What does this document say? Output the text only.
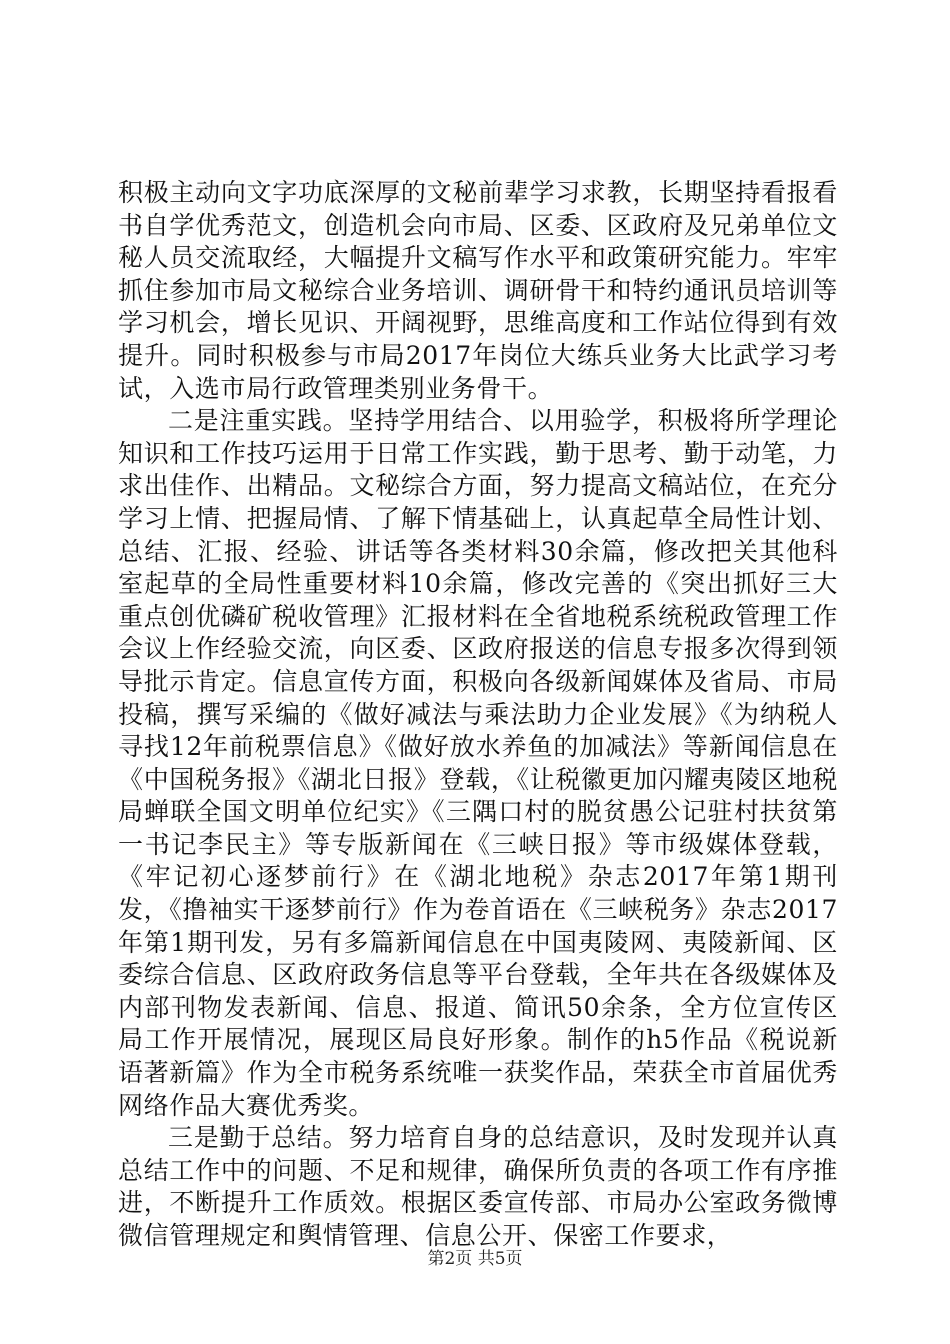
积极主动向文字功底深厚的文秘前辈学习求教，长期坚持看报看书自学优秀范文，创造机会向市局、区委、区政府及兄弟单位文秘人员交流取经，大幅提升文稿写作水平和政策研究能力。牢牢抓住参加市局文秘综合业务培训、调研骨干和特约通讯员培训等学习机会，增长见识、开阔视野，思维高度和工作站位得到有效提升。同时积极参与市局2017年岗位大练兵业务大比武学习考试，入选市局行政管理类别业务骨干。

二是注重实践。坚持学用结合、以用验学，积极将所学理论知识和工作技巧运用于日常工作实践，勤于思考、勤于动笔，力求出佳作、出精品。文秘综合方面，努力提高文稿站位，在充分学习上情、把握局情、了解下情基础上，认真起草全局性计划、总结、汇报、经验、讲话等各类材料30余篇，修改把关其他科室起草的全局性重要材料10余篇，修改完善的《突出抓好三大重点创优磷矿税收管理》汇报材料在全省地税系统税政管理工作会议上作经验交流，向区委、区政府报送的信息专报多次得到领导批示肯定。信息宣传方面，积极向各级新闻媒体及省局、市局投稿，撰写采编的《做好减法与乘法助力企业发展》《为纳税人寻找12年前税票信息》《做好放水养鱼的加减法》等新闻信息在《中国税务报》《湖北日报》登载，《让税徽更加闪耀夷陵区地税局蝉联全国文明单位纪实》《三隅口村的脱贫愚公记驻村扶贫第一书记李民主》等专版新闻在《三峡日报》等市级媒体登载，《牢记初心逐梦前行》在《湖北地税》杂志2017年第1期刊发，《撸袖实干逐梦前行》作为卷首语在《三峡税务》杂志2017年第1期刊发，另有多篇新闻信息在中国夷陵网、夷陵新闻、区委综合信息、区政府政务信息等平台登载，全年共在各级媒体及内部刊物发表新闻、信息、报道、简讯50余条，全方位宣传区局工作开展情况，展现区局良好形象。制作的h5作品《税说新语著新篇》作为全市税务系统唯一获奖作品，荣获全市首届优秀网络作品大赛优秀奖。

三是勤于总结。努力培育自身的总结意识，及时发现并认真总结工作中的问题、不足和规律，确保所负责的各项工作有序推进，不断提升工作质效。根据区委宣传部、市局办公室政务微博微信管理规定和舆情管理、信息公开、保密工作要求，

第2页 共5页
